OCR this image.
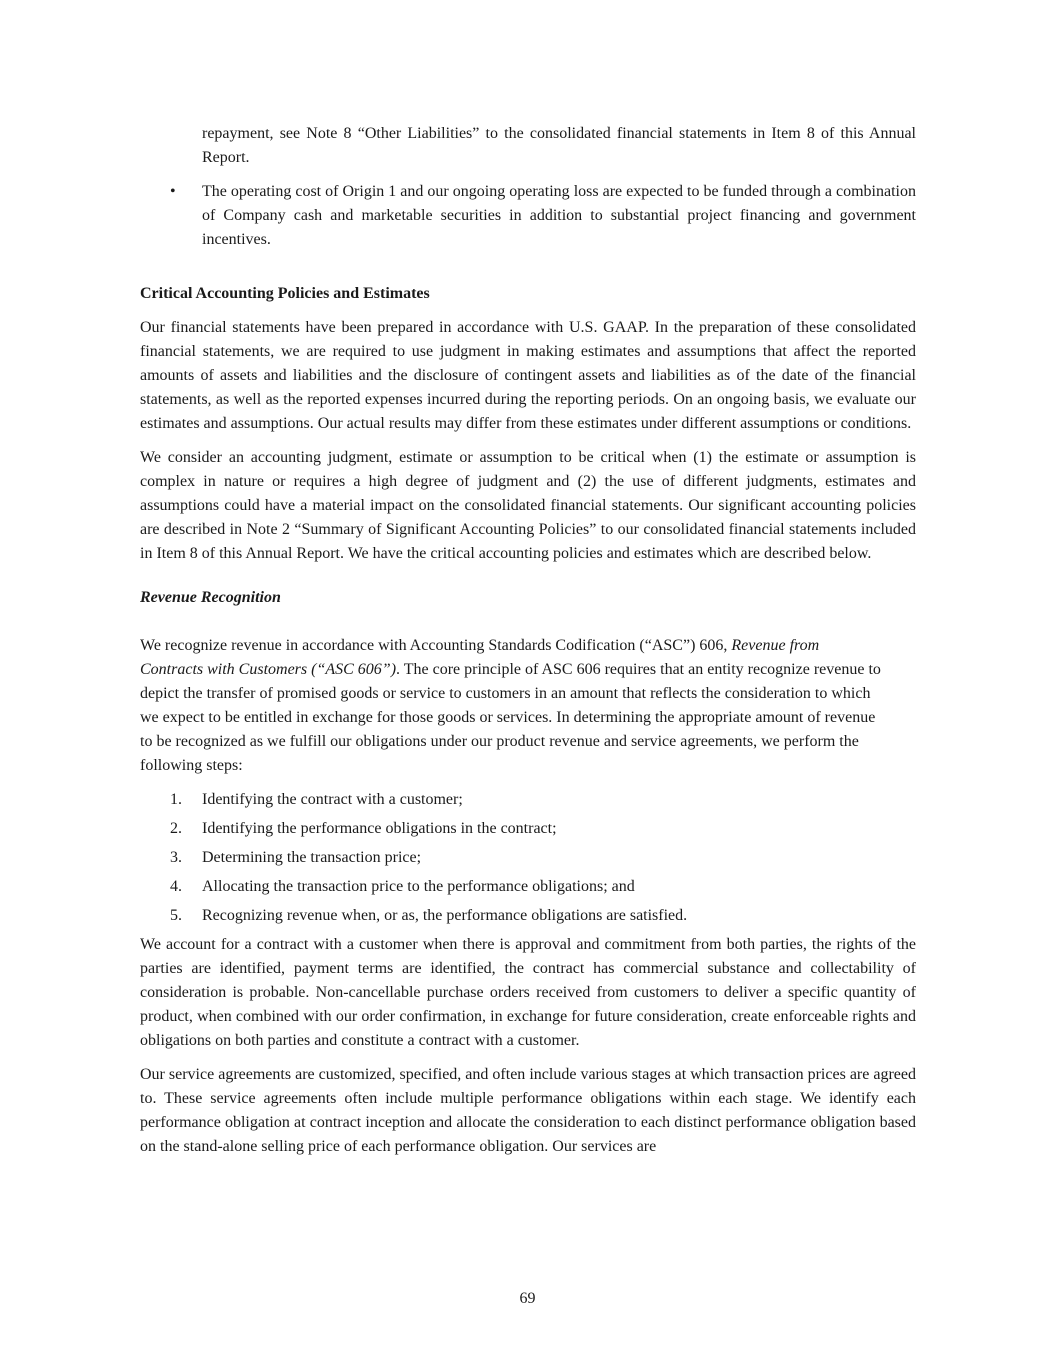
repayment, see Note 8 “Other Liabilities” to the consolidated financial statements in Item 8 of this Annual Report.

• The operating cost of Origin 1 and our ongoing operating loss are expected to be funded through a combination of Company cash and marketable securities in addition to substantial project financing and government incentives.

Critical Accounting Policies and Estimates

Our financial statements have been prepared in accordance with U.S. GAAP. In the preparation of these consolidated financial statements, we are required to use judgment in making estimates and assumptions that affect the reported amounts of assets and liabilities and the disclosure of contingent assets and liabilities as of the date of the financial statements, as well as the reported expenses incurred during the reporting periods. On an ongoing basis, we evaluate our estimates and assumptions. Our actual results may differ from these estimates under different assumptions or conditions.

We consider an accounting judgment, estimate or assumption to be critical when (1) the estimate or assumption is complex in nature or requires a high degree of judgment and (2) the use of different judgments, estimates and assumptions could have a material impact on the consolidated financial statements. Our significant accounting policies are described in Note 2 “Summary of Significant Accounting Policies” to our consolidated financial statements included in Item 8 of this Annual Report. We have the critical accounting policies and estimates which are described below.

Revenue Recognition

We recognize revenue in accordance with Accounting Standards Codification (“ASC”) 606, Revenue from Contracts with Customers (“ASC 606”). The core principle of ASC 606 requires that an entity recognize revenue to depict the transfer of promised goods or service to customers in an amount that reflects the consideration to which we expect to be entitled in exchange for those goods or services. In determining the appropriate amount of revenue to be recognized as we fulfill our obligations under our product revenue and service agreements, we perform the following steps:

1. Identifying the contract with a customer;
2. Identifying the performance obligations in the contract;
3. Determining the transaction price;
4. Allocating the transaction price to the performance obligations; and
5. Recognizing revenue when, or as, the performance obligations are satisfied.

We account for a contract with a customer when there is approval and commitment from both parties, the rights of the parties are identified, payment terms are identified, the contract has commercial substance and collectability of consideration is probable. Non-cancellable purchase orders received from customers to deliver a specific quantity of product, when combined with our order confirmation, in exchange for future consideration, create enforceable rights and obligations on both parties and constitute a contract with a customer.

Our service agreements are customized, specified, and often include various stages at which transaction prices are agreed to. These service agreements often include multiple performance obligations within each stage. We identify each performance obligation at contract inception and allocate the consideration to each distinct performance obligation based on the stand-alone selling price of each performance obligation. Our services are

69
